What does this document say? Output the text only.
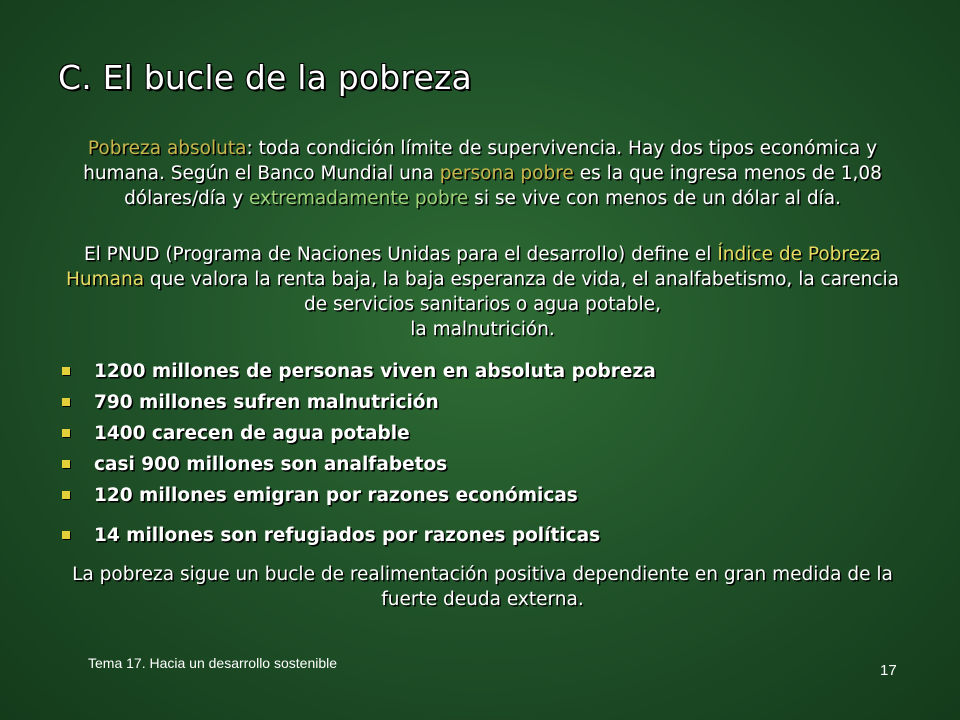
C. El bucle de la pobreza
Pobreza absoluta: toda condición límite de supervivencia. Hay dos tipos económica y humana. Según el Banco Mundial una persona pobre es la que ingresa menos de 1,08 dólares/día y extremadamente pobre si se vive con menos de un dólar al día.
El PNUD (Programa de Naciones Unidas para el desarrollo) define el Índice de Pobreza Humana que valora la renta baja, la baja esperanza de vida, el analfabetismo, la carencia de servicios sanitarios o agua potable,
la malnutrición.
1200 millones de personas viven en absoluta pobreza
790 millones sufren malnutrición
1400 carecen de agua potable
casi 900 millones son analfabetos
120 millones emigran por razones económicas
14 millones son refugiados por razones políticas
La pobreza sigue un bucle de realimentación positiva dependiente en gran medida de la fuerte deuda externa.
Tema 17. Hacia un desarrollo sostenible	17
